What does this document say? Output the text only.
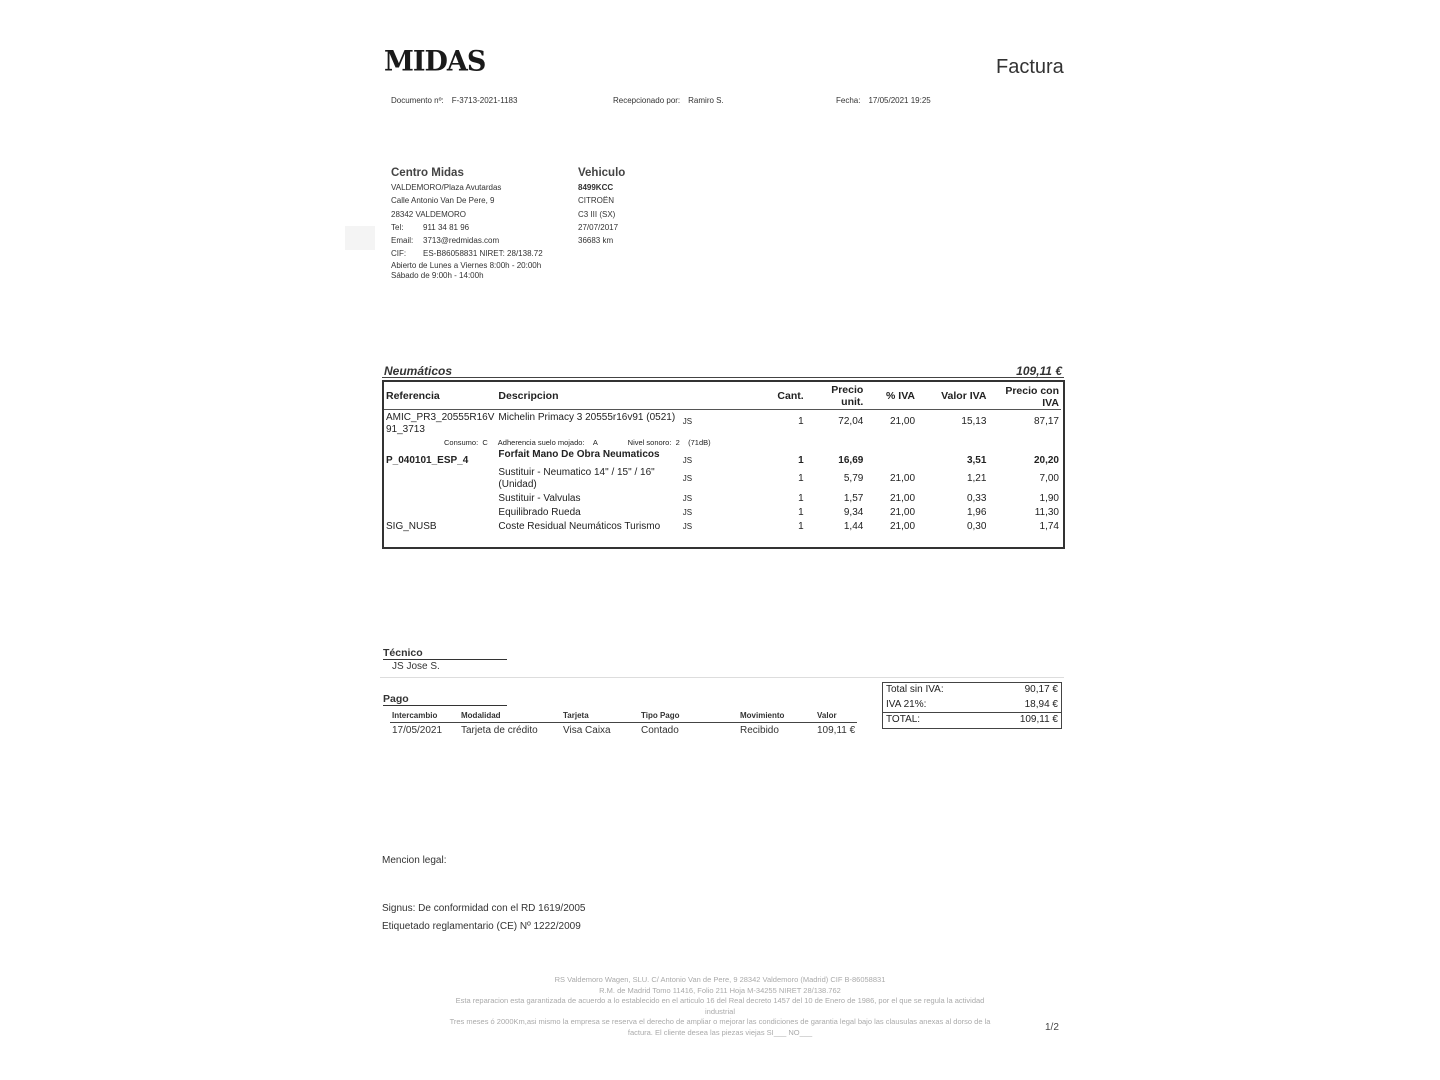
MIDAS	Factura
Documento nº: F-3713-2021-1183	Recepcionado por: Ramiro S.	Fecha: 17/05/2021 19:25
Centro Midas
VALDEMORO/Plaza Avutardas
Calle Antonio Van De Pere, 9
28342 VALDEMORO
Tel: 911 34 81 96
Email: 3713@redmidas.com
CIF: ES-B86058831 NIRET: 28/138.72
Abierto de Lunes a Viernes 8:00h - 20:00h
Sábado de 9:00h - 14:00h
Vehiculo
8499KCC
CITROËN
C3 III (SX)
27/07/2017
36683 km
Neumáticos	109,11 €
Referencia	Descripcion		Cant.	Precio unit.	% IVA	Valor IVA	Precio con IVA
AMIC_PR3_20555R16V 91_3713	Michelin Primacy 3 20555r16v91 (0521)	JS	1	72,04	21,00	15,13	87,17
Consumo: C Adherencia suelo mojado: A Nivel sonoro: 2 (71dB)							
P_040101_ESP_4	Forfait Mano De Obra Neumaticos	JS	1	16,69		3,51	20,20
	Sustituir - Neumatico 14" / 15" / 16" (Unidad)	JS	1	5,79	21,00	1,21	7,00
	Sustituir - Valvulas	JS	1	1,57	21,00	0,33	1,90
	Equilibrado Rueda	JS	1	9,34	21,00	1,96	11,30
SIG_NUSB	Coste Residual Neumáticos Turismo	JS	1	1,44	21,00	0,30	1,74
Técnico
JS Jose S.
Pago
Intercambio	Modalidad	Tarjeta	Tipo Pago	Movimiento	Valor
17/05/2021	Tarjeta de crédito	Visa Caixa	Contado	Recibido	109,11 €
Total sin IVA:	90,17 €
IVA 21%:	18,94 €
TOTAL:	109,11 €
Mencion legal:
Signus: De conformidad con el RD 1619/2005
Etiquetado reglamentario (CE) Nº 1222/2009
RS Valdemoro Wagen, SLU. C/ Antonio Van de Pere, 9 28342 Valdemoro (Madrid) CIF B-86058831
R.M. de Madrid Tomo 11416, Folio 211 Hoja M-34255 NIRET 28/138.762
Esta reparacion esta garantizada de acuerdo a lo establecido en el articulo 16 del Real decreto 1457 del 10 de Enero de 1986, por el que se regula la actividad industrial
Tres meses ó 2000Km,asi mismo la empresa se reserva el derecho de ampliar o mejorar las condiciones de garantia legal bajo las clausulas anexas al dorso de la factura. El cliente desea las piezas viejas SI___ NO___	1/2
